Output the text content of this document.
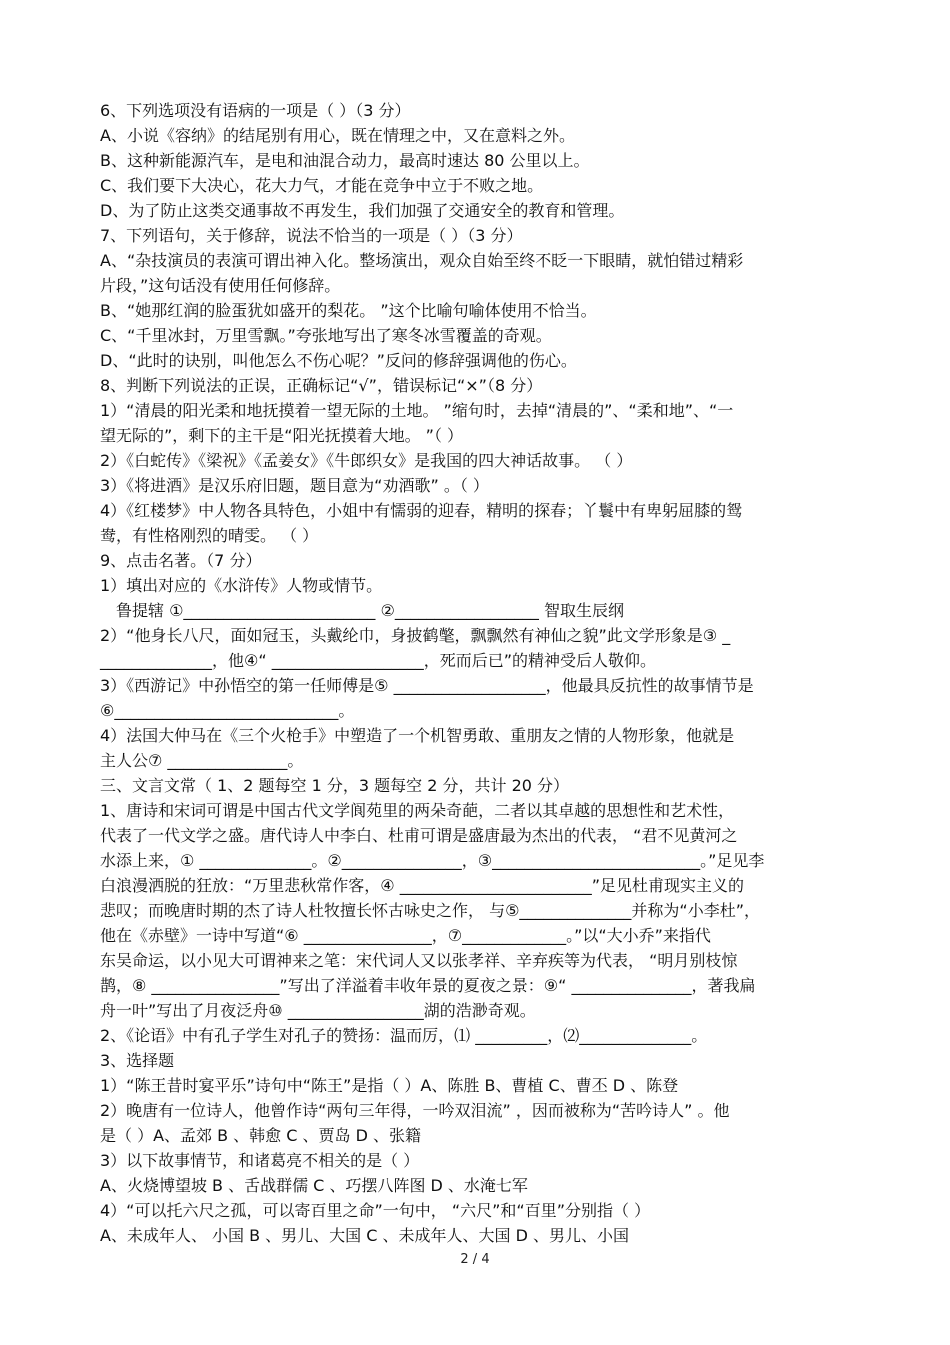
6、下列选项没有语病的一项是（ ）（3 分）
A、小说《容纳》的结尾别有用心，既在情理之中，又在意料之外。
B、这种新能源汽车，是电和油混合动力，最高时速达 80 公里以上。
C、我们要下大决心，花大力气，才能在竞争中立于不败之地。
D、为了防止这类交通事故不再发生，我们加强了交通安全的教育和管理。
7、下列语句，关于修辞，说法不恰当的一项是（ ）（3 分）
A、“杂技演员的表演可谓出神入化。整场演出，观众自始至终不眨一下眼睛，就怕错过精彩
片段，”这句话没有使用任何修辞。
B、“她那红润的脸蛋犹如盛开的梨花。 ”这个比喻句喻体使用不恰当。
C、“千里冰封，万里雪飘。”夸张地写出了寒冬冰雪覆盖的奇观。
D、“此时的诀别，叫他怎么不伤心呢？”反问的修辞强调他的伤心。
8、判断下列说法的正误，正确标记“√”，错误标记“×”（8 分）
1）“清晨的阳光柔和地抚摸着一望无际的土地。 ”缩句时，去掉“清晨的”、“柔和地”、“一
望无际的”，剩下的主干是“阳光抚摸着大地。 ”（ ）
2）《白蛇传》《梁祝》《孟姜女》《牛郎织女》是我国的四大神话故事。 （ ）
3）《将进酒》是汉乐府旧题，题目意为“劝酒歌” 。（ ）
4）《红楼梦》中人物各具特色，小姐中有懦弱的迎春，精明的探春；丫鬟中有卑躬屈膝的鸳
鸯，有性格刚烈的晴雯。 （ ）
9、点击名著。（7 分）
1）填出对应的《水浒传》人物或情节。
　鲁提辖 ①________________________ ②__________________ 智取生辰纲
2）“他身长八尺，面如冠玉，头戴纶巾，身披鹤氅，飘飘然有神仙之貌”此文学形象是③ _
______________，他④“ ___________________，死而后已”的精神受后人敬仰。
3）《西游记》中孙悟空的第一任师傅是⑤ ___________________，他最具反抗性的故事情节是
⑥____________________________。
4）法国大仲马在《三个火枪手》中塑造了一个机智勇敢、重朋友之情的人物形象，他就是
主人公⑦ _______________。
三、文言文常（ 1、2 题每空 1 分，3 题每空 2 分，共计 20 分）
1、唐诗和宋词可谓是中国古代文学阆苑里的两朵奇葩，二者以其卓越的思想性和艺术性，
代表了一代文学之盛。唐代诗人中李白、杜甫可谓是盛唐最为杰出的代表， “君不见黄河之
水添上来，① ______________。②_______________，③__________________________。”足见李
白浪漫洒脱的狂放：“万里悲秋常作客，④ ________________________”足见杜甫现实主义的
悲叹；而晚唐时期的杰了诗人杜牧擅长怀古咏史之作， 与⑤______________并称为“小李杜”，
他在《赤壁》一诗中写道“⑥ ________________，⑦_____________。”以“大小乔”来指代
东吴命运，以小见大可谓神来之笔：宋代词人又以张孝祥、辛弃疾等为代表， “明月别枝惊
鹊，⑧ ________________”写出了洋溢着丰收年景的夏夜之景：⑨“ _______________，著我扁
舟一叶”写出了月夜泛舟⑩ _________________湖的浩渺奇观。
2、《论语》中有孔子学生对孔子的赞扬：温而厉，⑴ _________，⑵______________。
3、选择题
1）“陈王昔时宴平乐”诗句中“陈王”是指（ ）A、陈胜 B、曹植 C、曹丕 D 、陈登
2）晚唐有一位诗人，他曾作诗“两句三年得，一吟双泪流” ，因而被称为“苦吟诗人” 。他
是（ ）A、孟郊 B 、韩愈 C 、贾岛 D 、张籍
3）以下故事情节，和诸葛亮不相关的是（ ）
A、火烧博望坡 B 、舌战群儒 C 、巧摆八阵图 D 、水淹七军
4）“可以托六尺之孤，可以寄百里之命”一句中， “六尺”和“百里”分别指（ ）
A、未成年人、 小国 B 、男儿、大国 C 、未成年人、大国 D 、男儿、小国
2 / 4
